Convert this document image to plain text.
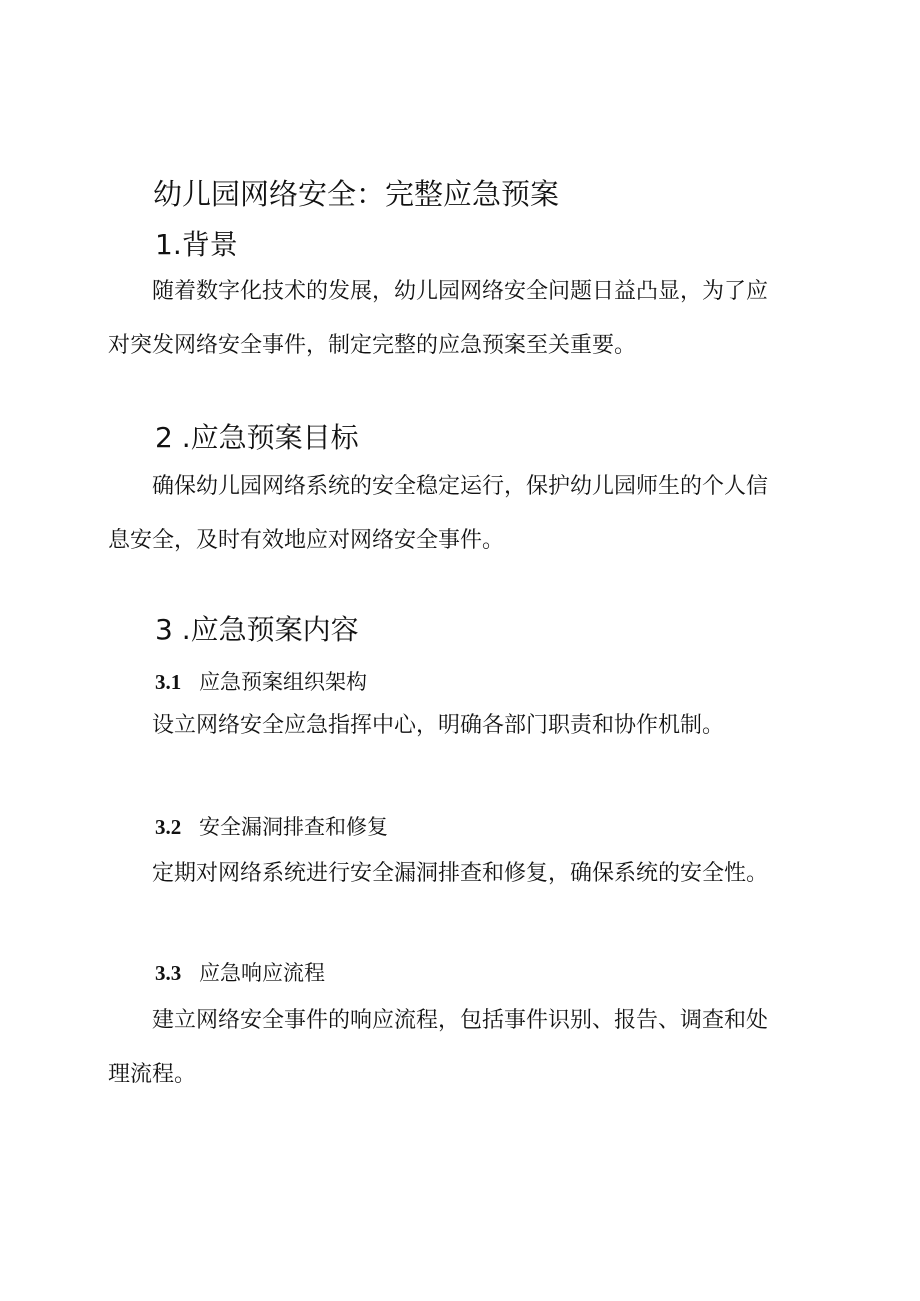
幼儿园网络安全：完整应急预案
1.背景

随着数字化技术的发展，幼儿园网络安全问题日益凸显，为了应
对突发网络安全事件，制定完整的应急预案至关重要。

2 .应急预案目标

确保幼儿园网络系统的安全稳定运行，保护幼儿园师生的个人信
息安全，及时有效地应对网络安全事件。

3 .应急预案内容
3.1 应急预案组织架构

设立网络安全应急指挥中心，明确各部门职责和协作机制。

3.2 安全漏洞排查和修复

定期对网络系统进行安全漏洞排查和修复，确保系统的安全性。

3.3 应急响应流程

建立网络安全事件的响应流程，包括事件识别、报告、调查和处
理流程。
